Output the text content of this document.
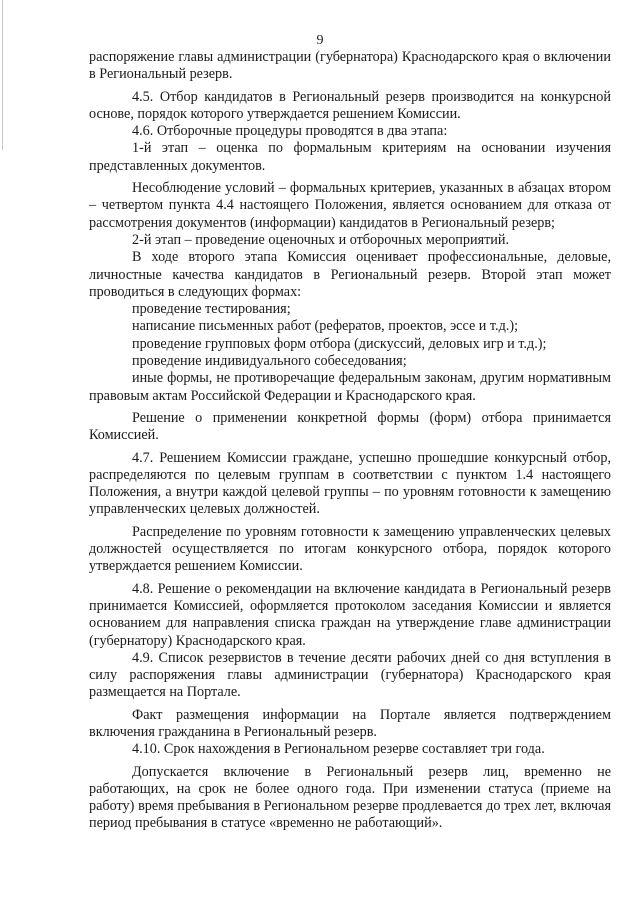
9

распоряжение главы администрации (губернатора) Краснодарского края о включении в Региональный резерв.

4.5. Отбор кандидатов в Региональный резерв производится на конкурсной основе, порядок которого утверждается решением Комиссии.

4.6. Отборочные процедуры проводятся в два этапа:

1-й этап – оценка по формальным критериям на основании изучения представленных документов.

Несоблюдение условий – формальных критериев, указанных в абзацах втором – четвертом пункта 4.4 настоящего Положения, является основанием для отказа от рассмотрения документов (информации) кандидатов в Региональный резерв;

2-й этап – проведение оценочных и отборочных мероприятий.

В ходе второго этапа Комиссия оценивает профессиональные, деловые, личностные качества кандидатов в Региональный резерв. Второй этап может проводиться в следующих формах:

проведение тестирования;

написание письменных работ (рефератов, проектов, эссе и т.д.);

проведение групповых форм отбора (дискуссий, деловых игр и т.д.);

проведение индивидуального собеседования;

иные формы, не противоречащие федеральным законам, другим нормативным правовым актам Российской Федерации и Краснодарского края.

Решение о применении конкретной формы (форм) отбора принимается Комиссией.

4.7. Решением Комиссии граждане, успешно прошедшие конкурсный отбор, распределяются по целевым группам в соответствии с пунктом 1.4 настоящего Положения, а внутри каждой целевой группы – по уровням готовности к замещению управленческих целевых должностей.

Распределение по уровням готовности к замещению управленческих целевых должностей осуществляется по итогам конкурсного отбора, порядок которого утверждается решением Комиссии.

4.8. Решение о рекомендации на включение кандидата в Региональный резерв принимается Комиссией, оформляется протоколом заседания Комиссии и является основанием для направления списка граждан на утверждение главе администрации (губернатору) Краснодарского края.

4.9. Список резервистов в течение десяти рабочих дней со дня вступления в силу распоряжения главы администрации (губернатора) Краснодарского края размещается на Портале.

Факт размещения информации на Портале является подтверждением включения гражданина в Региональный резерв.

4.10. Срок нахождения в Региональном резерве составляет три года.

Допускается включение в Региональный резерв лиц, временно не работающих, на срок не более одного года. При изменении статуса (приеме на работу) время пребывания в Региональном резерве продлевается до трех лет, включая период пребывания в статусе «временно не работающий».
